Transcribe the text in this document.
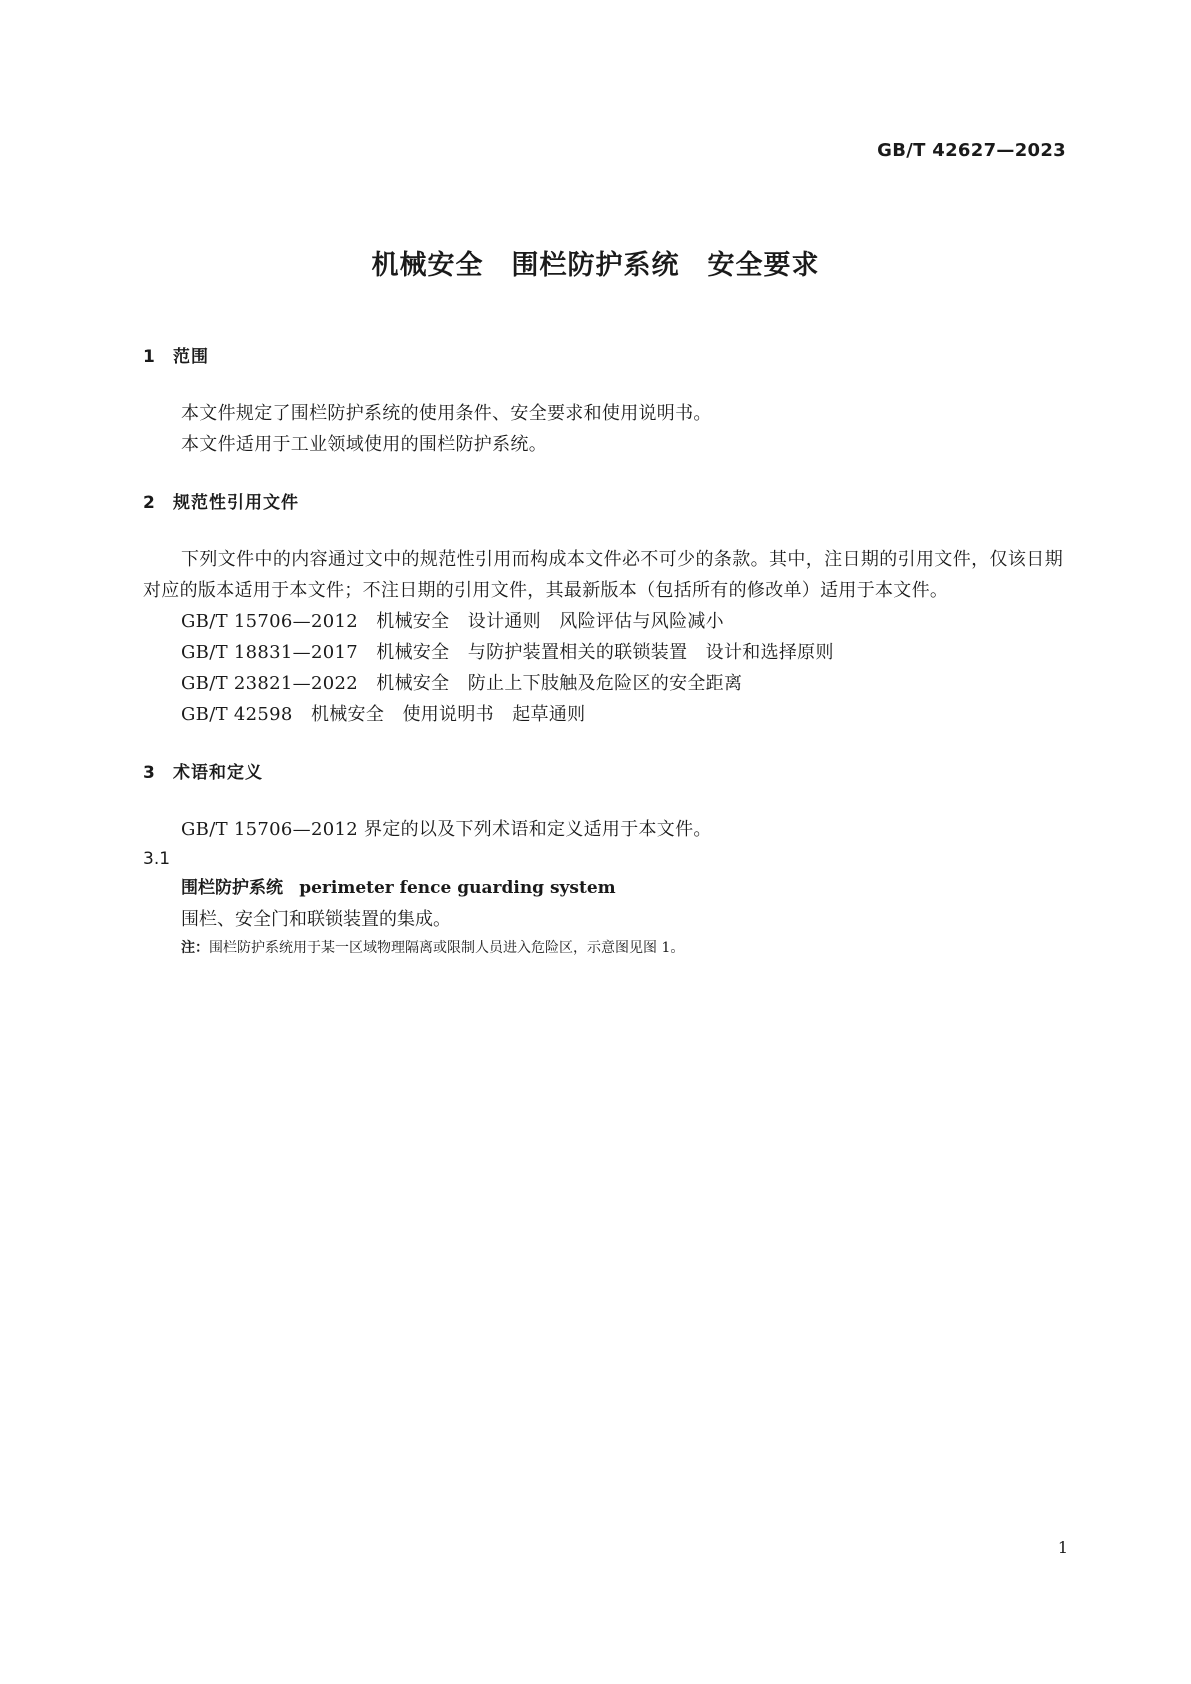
GB/T 42627—2023
机械安全　围栏防护系统　安全要求
1	范围
本文件规定了围栏防护系统的使用条件、安全要求和使用说明书。
本文件适用于工业领域使用的围栏防护系统。
2	规范性引用文件
下列文件中的内容通过文中的规范性引用而构成本文件必不可少的条款。其中，注日期的引用文件，仅该日期对应的版本适用于本文件；不注日期的引用文件，其最新版本（包括所有的修改单）适用于本文件。
GB/T 15706—2012　机械安全　设计通则　风险评估与风险减小
GB/T 18831—2017　机械安全　与防护装置相关的联锁装置　设计和选择原则
GB/T 23821—2022　机械安全　防止上下肢触及危险区的安全距离
GB/T 42598　机械安全　使用说明书　起草通则
3	术语和定义
GB/T 15706—2012 界定的以及下列术语和定义适用于本文件。
3.1
围栏防护系统 perimeter fence guarding system
围栏、安全门和联锁装置的集成。
注：围栏防护系统用于某一区域物理隔离或限制人员进入危险区，示意图见图 1。
1
